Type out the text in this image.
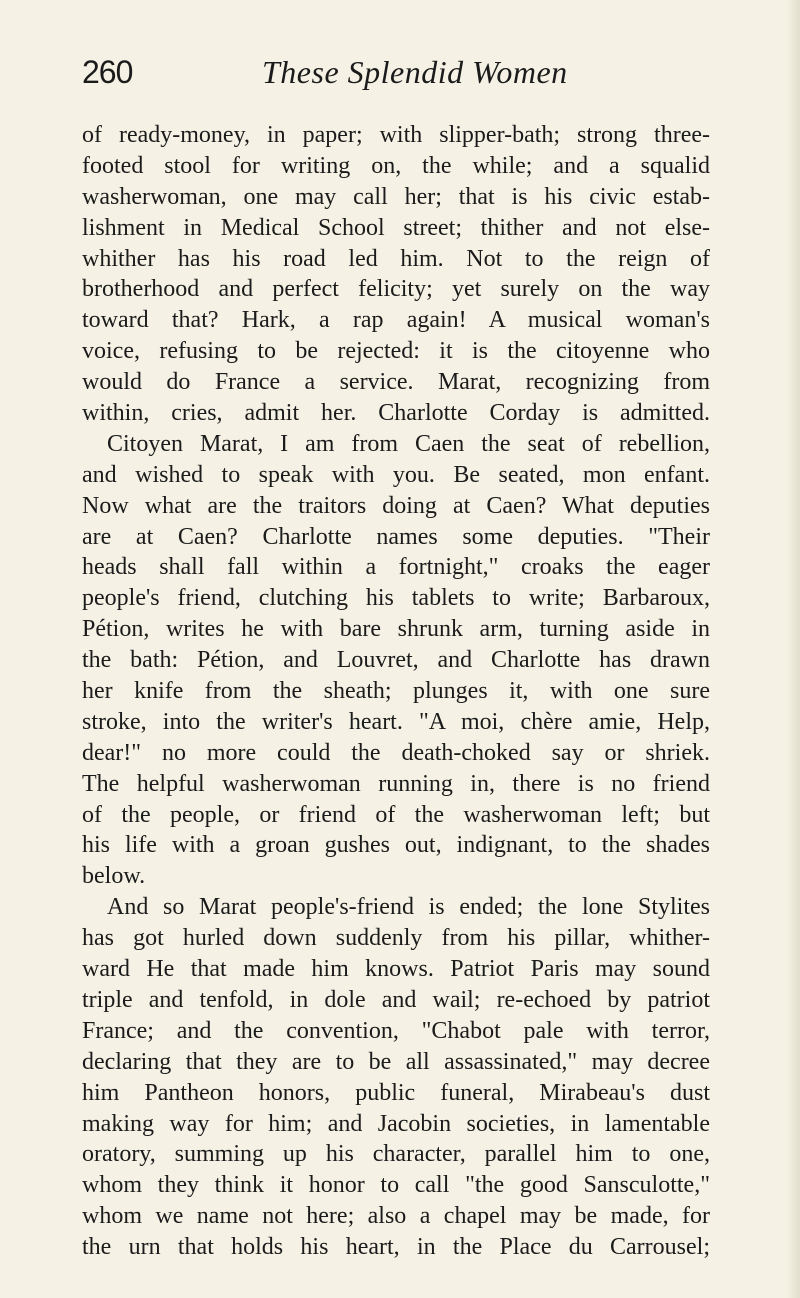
260	These Splendid Women
of ready-money, in paper; with slipper-bath; strong three-
footed stool for writing on, the while; and a squalid
washerwoman, one may call her; that is his civic estab-
lishment in Medical School street; thither and not else-
whither has his road led him. Not to the reign of
brotherhood and perfect felicity; yet surely on the way
toward that? Hark, a rap again! A musical woman's
voice, refusing to be rejected: it is the citoyenne who
would do France a service. Marat, recognizing from
within, cries, admit her. Charlotte Corday is admitted.
Citoyen Marat, I am from Caen the seat of rebellion,
and wished to speak with you. Be seated, mon enfant.
Now what are the traitors doing at Caen? What deputies
are at Caen? Charlotte names some deputies. "Their
heads shall fall within a fortnight," croaks the eager
people's friend, clutching his tablets to write; Barbaroux,
Pétion, writes he with bare shrunk arm, turning aside in
the bath: Pétion, and Louvret, and Charlotte has drawn
her knife from the sheath; plunges it, with one sure
stroke, into the writer's heart. "A moi, chère amie, Help,
dear!" no more could the death-choked say or shriek.
The helpful washerwoman running in, there is no friend
of the people, or friend of the washerwoman left; but
his life with a groan gushes out, indignant, to the shades
below.
And so Marat people's-friend is ended; the lone Stylites
has got hurled down suddenly from his pillar, whither-
ward He that made him knows. Patriot Paris may sound
triple and tenfold, in dole and wail; re-echoed by patriot
France; and the convention, "Chabot pale with terror,
declaring that they are to be all assassinated," may decree
him Pantheon honors, public funeral, Mirabeau's dust
making way for him; and Jacobin societies, in lamentable
oratory, summing up his character, parallel him to one,
whom they think it honor to call "the good Sansculotte,"
whom we name not here; also a chapel may be made, for
the urn that holds his heart, in the Place du Carrousel;
